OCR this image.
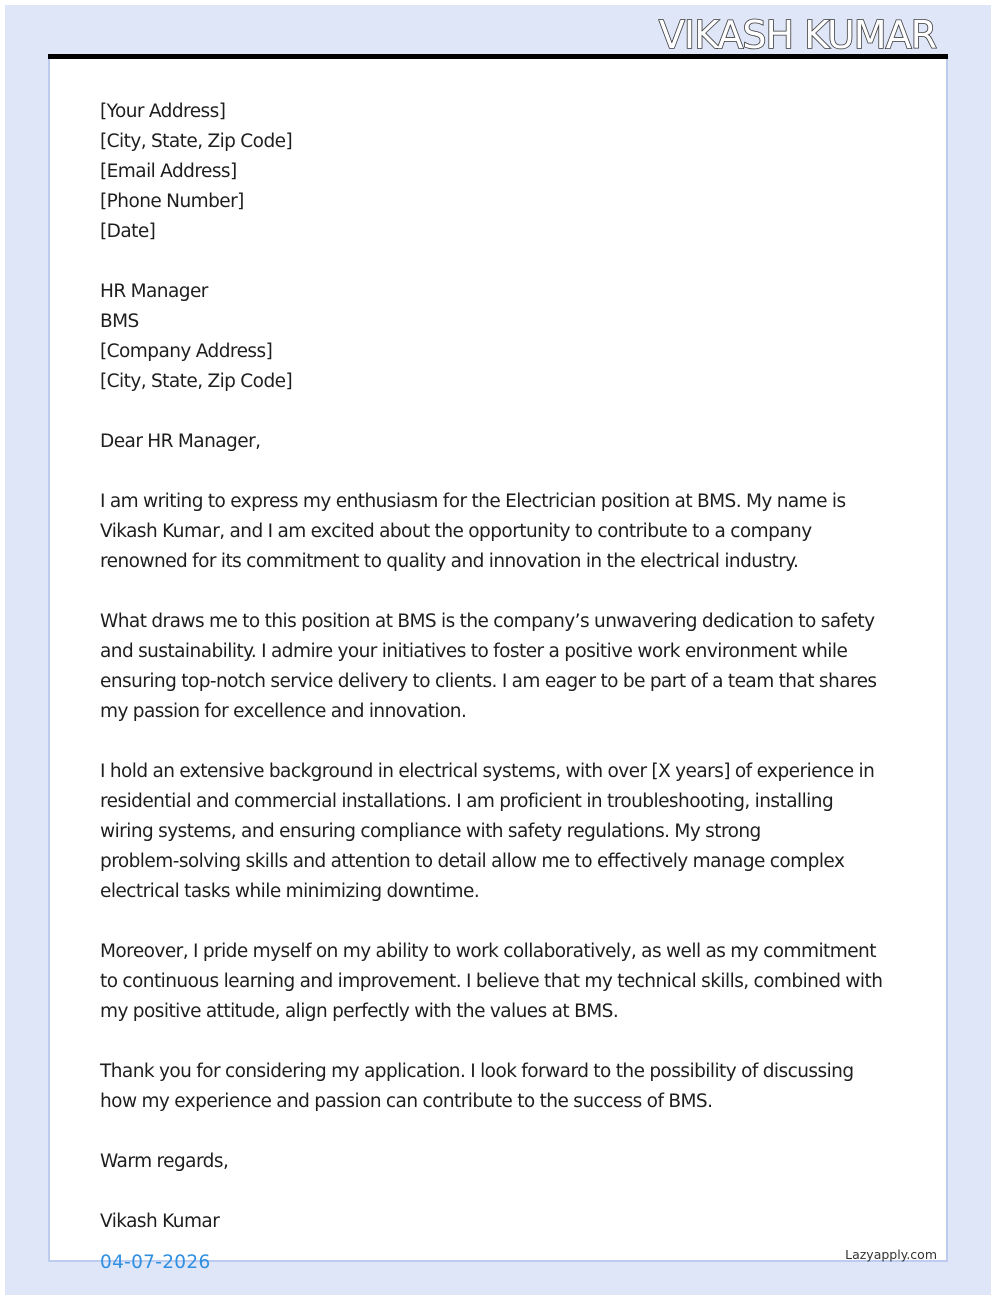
VIKASH KUMAR
[Your Address]
[City, State, Zip Code]
[Email Address]
[Phone Number]
[Date]
HR Manager
BMS
[Company Address]
[City, State, Zip Code]
Dear HR Manager,
I am writing to express my enthusiasm for the Electrician position at BMS. My name is
Vikash Kumar, and I am excited about the opportunity to contribute to a company
renowned for its commitment to quality and innovation in the electrical industry.
What draws me to this position at BMS is the company’s unwavering dedication to safety
and sustainability. I admire your initiatives to foster a positive work environment while
ensuring top-notch service delivery to clients. I am eager to be part of a team that shares
my passion for excellence and innovation.
I hold an extensive background in electrical systems, with over [X years] of experience in
residential and commercial installations. I am proficient in troubleshooting, installing
wiring systems, and ensuring compliance with safety regulations. My strong
problem-solving skills and attention to detail allow me to effectively manage complex
electrical tasks while minimizing downtime.
Moreover, I pride myself on my ability to work collaboratively, as well as my commitment
to continuous learning and improvement. I believe that my technical skills, combined with
my positive attitude, align perfectly with the values at BMS.
Thank you for considering my application. I look forward to the possibility of discussing
how my experience and passion can contribute to the success of BMS.
Warm regards,
Vikash Kumar
04-07-2026	Lazyapply.com
